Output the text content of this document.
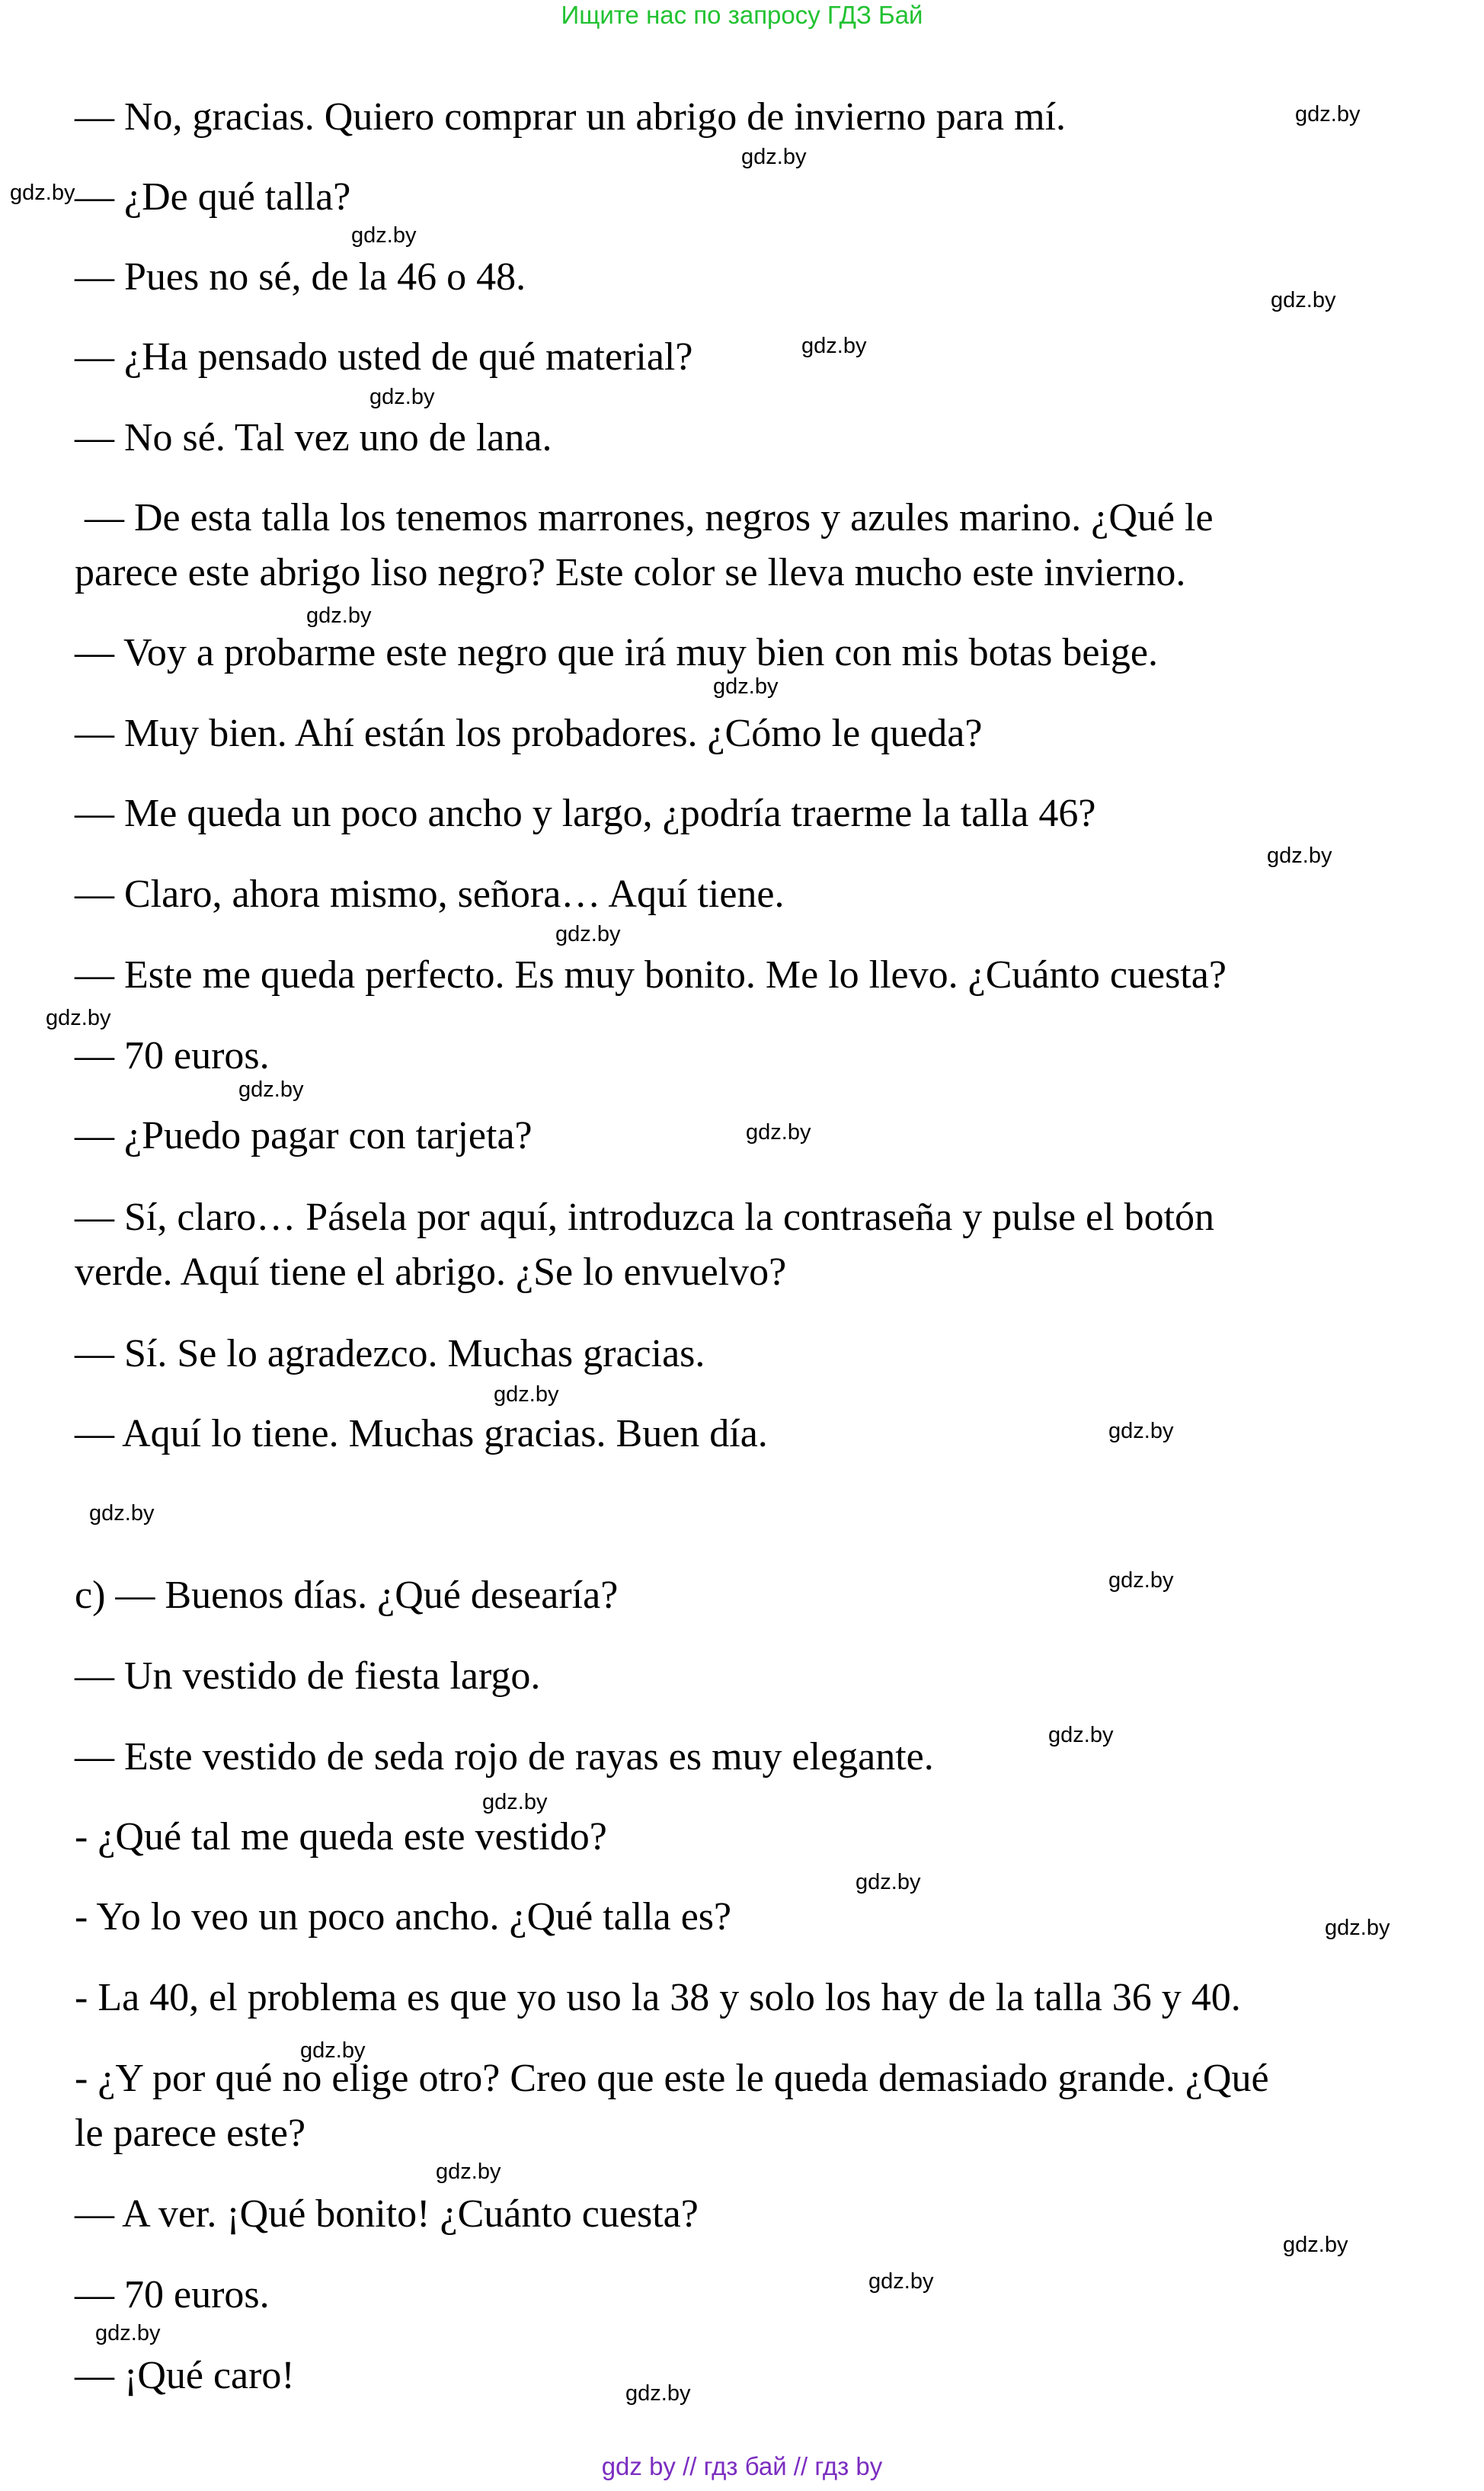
Ищите нас по запросу ГДЗ Бай
— No, gracias. Quiero comprar un abrigo de invierno para mí.
— ¿De qué talla?
— Pues no sé, de la 46 o 48.
— ¿Ha pensado usted de qué material?
— No sé. Tal vez uno de lana.
— De esta talla los tenemos marrones, negros y azules marino. ¿Qué le
parece este abrigo liso negro? Este color se lleva mucho este invierno.
— Voy a probarme este negro que irá muy bien con mis botas beige.
— Muy bien. Ahí están los probadores. ¿Cómo le queda?
— Me queda un poco ancho y largo, ¿podría traerme la talla 46?
— Claro, ahora mismo, señora… Aquí tiene.
— Este me queda perfecto. Es muy bonito. Me lo llevo. ¿Cuánto cuesta?
— 70 euros.
— ¿Puedo pagar con tarjeta?
— Sí, claro… Pásela por aquí, introduzca la contraseña y pulse el botón
verde. Aquí tiene el abrigo. ¿Se lo envuelvo?
— Sí. Se lo agradezco. Muchas gracias.
— Aquí lo tiene. Muchas gracias. Buen día.
c) — Buenos días. ¿Qué desearía?
— Un vestido de fiesta largo.
— Este vestido de seda rojo de rayas es muy elegante.
- ¿Qué tal me queda este vestido?
- Yo lo veo un poco ancho. ¿Qué talla es?
- La 40, el problema es que yo uso la 38 y solo los hay de la talla 36 y 40.
- ¿Y por qué no elige otro? Creo que este le queda demasiado grande. ¿Qué
le parece este?
— A ver. ¡Qué bonito! ¿Cuánto cuesta?
— 70 euros.
— ¡Qué caro!
gdz.by
gdz.by
gdz.by
gdz.by
gdz.by
gdz.by
gdz.by
gdz.by
gdz.by
gdz.by
gdz.by
gdz.by
gdz.by
gdz.by
gdz.by
gdz.by
gdz.by
gdz.by
gdz.by
gdz.by
gdz.by
gdz.by
gdz.by
gdz.by
gdz.by
gdz.by
gdz.by
gdz.by
gdz by // гдз бай // гдз by
